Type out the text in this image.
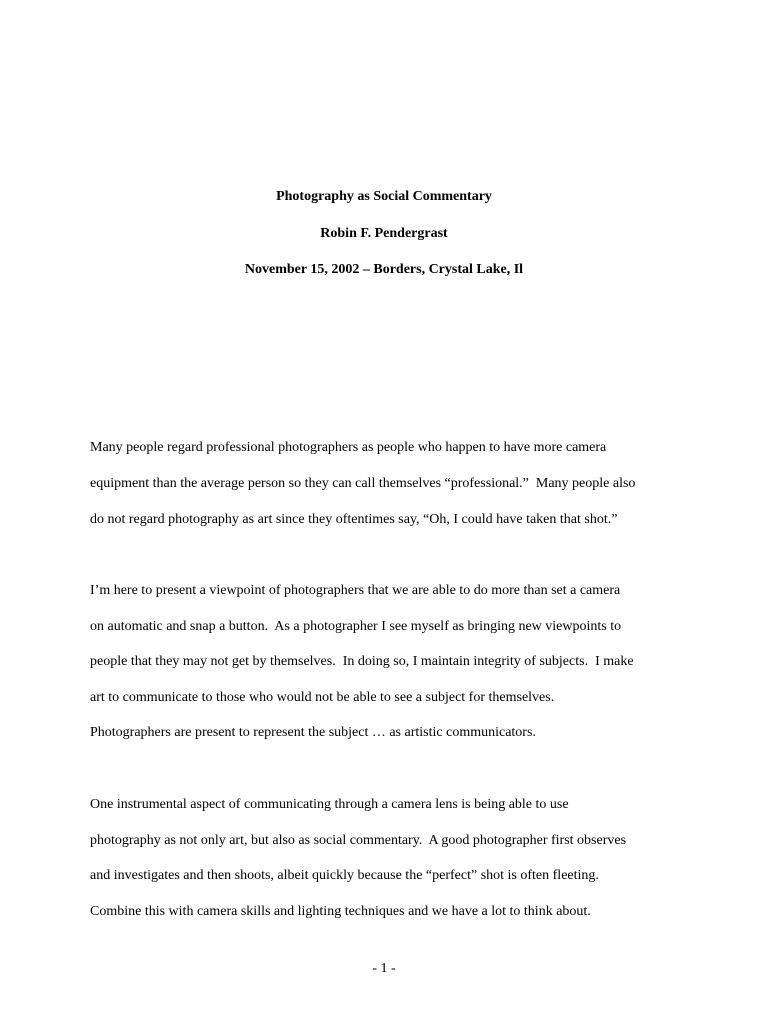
Photography as Social Commentary
Robin F. Pendergrast
November 15, 2002 – Borders, Crystal Lake, Il
Many people regard professional photographers as people who happen to have more camera
equipment than the average person so they can call themselves “professional.”  Many people also
do not regard photography as art since they oftentimes say, “Oh, I could have taken that shot.”
I’m here to present a viewpoint of photographers that we are able to do more than set a camera
on automatic and snap a button.  As a photographer I see myself as bringing new viewpoints to
people that they may not get by themselves.  In doing so, I maintain integrity of subjects.  I make
art to communicate to those who would not be able to see a subject for themselves.
Photographers are present to represent the subject … as artistic communicators.
One instrumental aspect of communicating through a camera lens is being able to use
photography as not only art, but also as social commentary.  A good photographer first observes
and investigates and then shoots, albeit quickly because the “perfect” shot is often fleeting.
Combine this with camera skills and lighting techniques and we have a lot to think about.
- 1 -
